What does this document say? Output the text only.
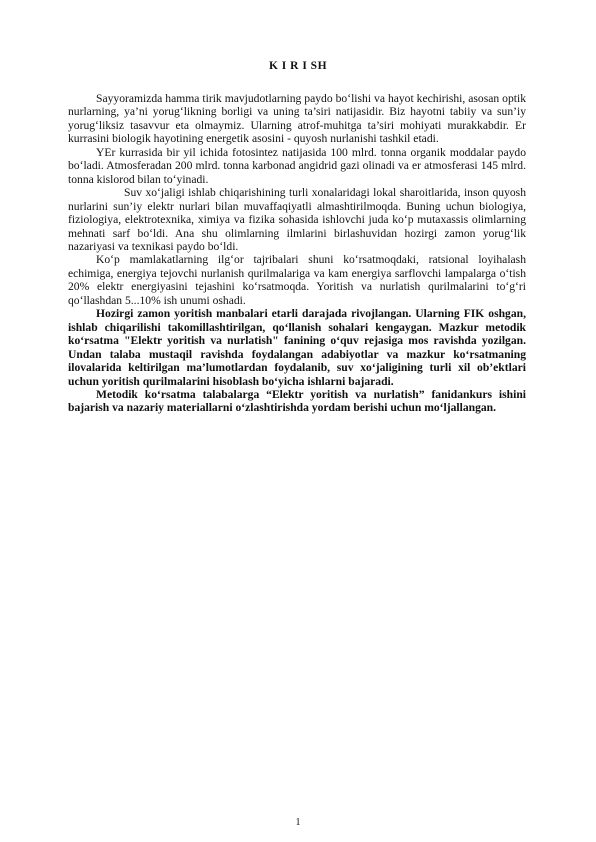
K I R I SH

Sayyoramizda hamma tirik mavjudotlarning paydo bo‘lishi va hayot kechirishi, asosan optik nurlarning, ya’ni yorug‘likning borligi va uning ta’siri natijasidir. Biz hayotni tabiiy va sun’iy yorug‘liksiz tasavvur eta olmaymiz. Ularning atrof-muhitga ta’siri mohiyati murakkabdir. Er kurrasini biologik hayotining energetik asosini - quyosh nurlanishi tashkil etadi.

YEr kurrasida bir yil ichida fotosintez natijasida 100 mlrd. tonna organik moddalar paydo bo‘ladi. Atmosferadan 200 mlrd. tonna karbonad angidrid gazi olinadi va er atmosferasi 145 mlrd. tonna kislorod bilan to‘yinadi.

Suv xo‘jaligi ishlab chiqarishining turli xonalaridagi lokal sharoitlarida, inson quyosh nurlarini sun’iy elektr nurlari bilan muvaffaqiyatli almashtirilmoqda. Buning uchun biologiya, fiziologiya, elektrotexnika, ximiya va fizika sohasida ishlovchi juda ko‘p mutaxassis olimlarning mehnati sarf bo‘ldi. Ana shu olimlarning ilmlarini birlashuvidan hozirgi zamon yorug‘lik nazariyasi va texnikasi paydo bo‘ldi.

Ko‘p mamlakatlarning ilg‘or tajribalari shuni ko‘rsatmoqdaki, ratsional loyihalash echimiga, energiya tejovchi nurlanish qurilmalariga va kam energiya sarflovchi lampalarga o‘tish 20% elektr energiyasini tejashini ko‘rsatmoqda. Yoritish va nurlatish qurilmalarini to‘g‘ri qo‘llashdan 5...10% ish unumi oshadi.

Hozirgi zamon yoritish manbalari etarli darajada rivojlangan. Ularning FIK oshgan, ishlab chiqarilishi takomillashtirilgan, qo‘llanish sohalari kengaygan. Mazkur metodik ko‘rsatma "Elektr yoritish va nurlatish" fanining o‘quv rejasiga mos ravishda yozilgan. Undan talaba mustaqil ravishda foydalangan adabiyotlar va mazkur ko‘rsatmaning ilovalarida keltirilgan ma’lumotlardan foydalanib, suv xo‘jaligining turli xil ob’ektlari uchun yoritish qurilmalarini hisoblash bo‘yicha ishlarni bajaradi.

Metodik ko‘rsatma talabalarga “Elektr yoritish va nurlatish” fanidankurs ishini bajarish va nazariy materiallarni o‘zlashtirishda yordam berishi uchun mo‘ljallangan.

1
